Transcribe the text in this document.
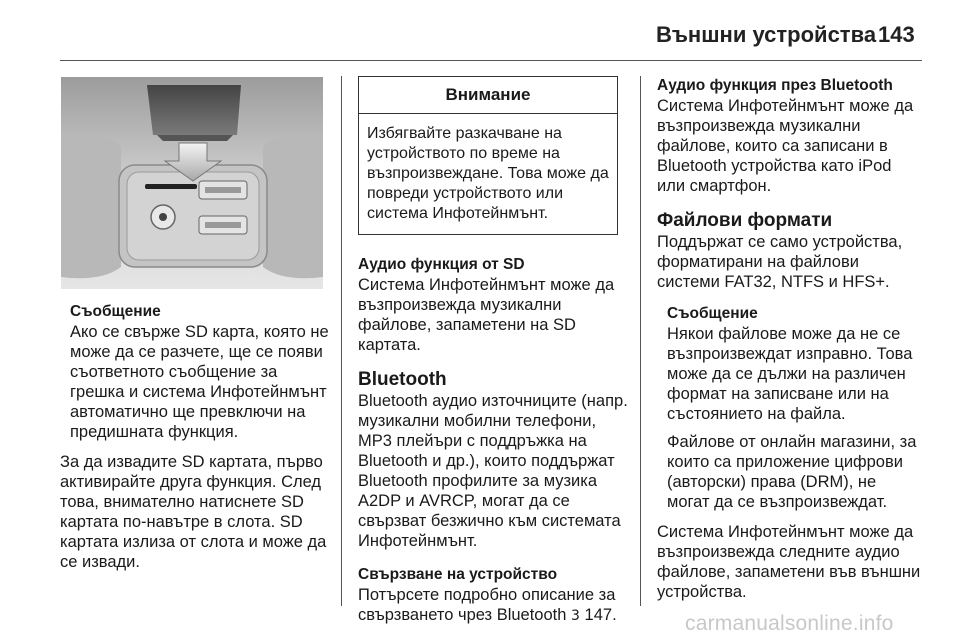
Външни устройства 143

Съобщение

Ако се свърже SD карта, която не може да се разчете, ще се появи съответното съобщение за грешка и система Инфотейнмънт автоматично ще превключи на предишната функция.

За да извадите SD картата, първо активирайте друга функция. След това, внимателно натиснете SD картата по-навътре в слота. SD картата излиза от слота и може да се извади.

Внимание
Избягвайте разкачване на устройството по време на възпроизвеждане. Това може да повреди устройството или система Инфотейнмънт.

Аудио функция от SD

Система Инфотейнмънт може да възпроизвежда музикални файлове, запаметени на SD картата.

Bluetooth

Bluetooth аудио източниците (напр. музикални мобилни телефони, MP3 плейъри с поддръжка на Bluetooth и др.), които поддържат Bluetooth профилите за музика A2DP и AVRCP, могат да се свързват безжично към системата Инфотейнмънт.

Свързване на устройство

Потърсете подробно описание за свързването чрез Bluetooth 3 147.

Аудио функция през Bluetooth

Система Инфотейнмънт може да възпроизвежда музикални файлове, които са записани в Bluetooth устройства като iPod или смартфон.

Файлови формати

Поддържат се само устройства, форматирани на файлови системи FAT32, NTFS и HFS+.

Съобщение

Някои файлове може да не се възпроизвеждат изправно. Това може да се дължи на различен формат на записване или на състоянието на файла.

Файлове от онлайн магазини, за които са приложение цифрови (авторски) права (DRM), не могат да се възпроизвеждат.

Система Инфотейнмънт може да възпроизвежда следните аудио файлове, запаметени във външни устройства.

carmanualsonline.info
